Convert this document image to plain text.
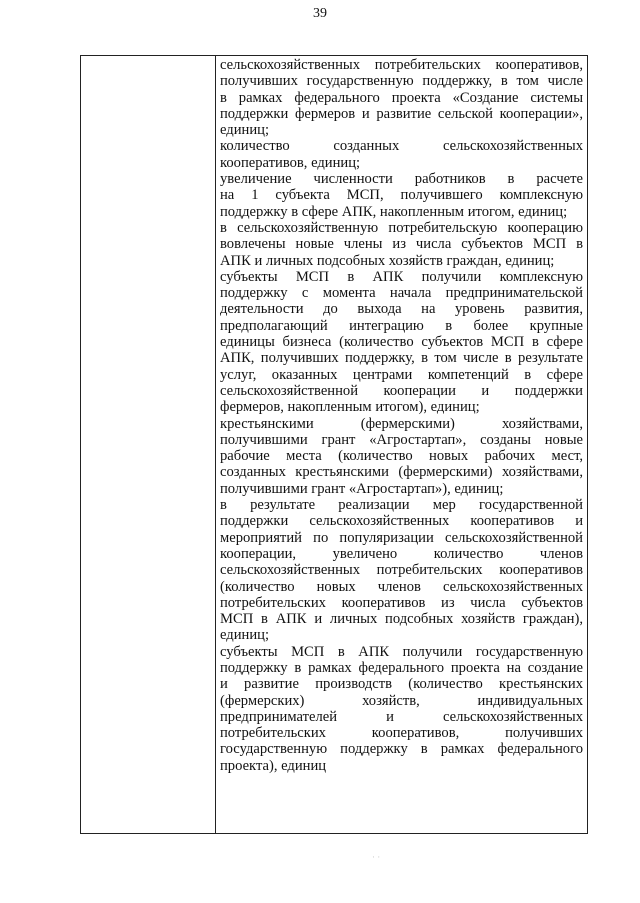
39
сельскохозяйственных потребительских кооперативов,
получивших государственную поддержку, в том числе
в рамках федерального проекта «Создание системы
поддержки фермеров и развитие сельской кооперации»,
единиц;
количество созданных сельскохозяйственных
кооперативов, единиц;
увеличение численности работников в расчете
на 1 субъекта МСП, получившего комплексную
поддержку в сфере АПК, накопленным итогом, единиц;
в сельскохозяйственную потребительскую кооперацию
вовлечены новые члены из числа субъектов МСП в
АПК и личных подсобных хозяйств граждан, единиц;
субъекты МСП в АПК получили комплексную
поддержку с момента начала предпринимательской
деятельности до выхода на уровень развития,
предполагающий интеграцию в более крупные
единицы бизнеса (количество субъектов МСП в сфере
АПК, получивших поддержку, в том числе в результате
услуг, оказанных центрами компетенций в сфере
сельскохозяйственной кооперации и поддержки
фермеров, накопленным итогом), единиц;
крестьянскими (фермерскими) хозяйствами,
получившими грант «Агростартап», созданы новые
рабочие места (количество новых рабочих мест,
созданных крестьянскими (фермерскими) хозяйствами,
получившими грант «Агростартап»), единиц;
в результате реализации мер государственной
поддержки сельскохозяйственных кооперативов и
мероприятий по популяризации сельскохозяйственной
кооперации, увеличено количество членов
сельскохозяйственных потребительских кооперативов
(количество новых членов сельскохозяйственных
потребительских кооперативов из числа субъектов
МСП в АПК и личных подсобных хозяйств граждан),
единиц;
субъекты МСП в АПК получили государственную
поддержку в рамках федерального проекта на создание
и развитие производств (количество крестьянских
(фермерских) хозяйств, индивидуальных
предпринимателей и сельскохозяйственных
потребительских кооперативов, получивших
государственную поддержку в рамках федерального
проекта), единиц
· ·
